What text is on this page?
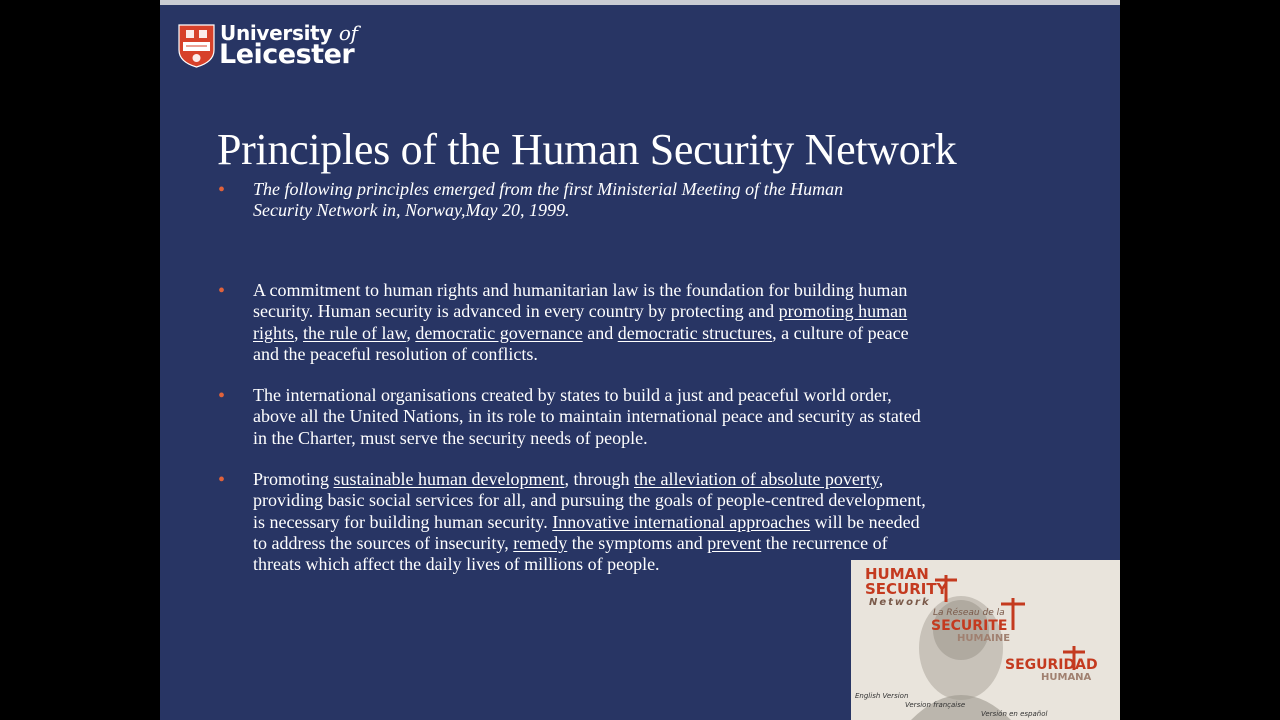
University of
Leicester
Principles of the Human Security Network
• The following principles emerged from the first Ministerial Meeting of the Human
Security Network in, Norway,May 20, 1999.
• A commitment to human rights and humanitarian law is the foundation for building human security. Human security is advanced in every country by protecting and promoting human rights, the rule of law, democratic governance and democratic structures, a culture of peace and the peaceful resolution of conflicts.
• The international organisations created by states to build a just and peaceful world order, above all the United Nations, in its role to maintain international peace and security as stated in the Charter, must serve the security needs of people.
• Promoting sustainable human development, through the alleviation of absolute poverty, providing basic social services for all, and pursuing the goals of people-centred development, is necessary for building human security. Innovative international approaches will be needed to address the sources of insecurity, remedy the symptoms and prevent the recurrence of threats which affect the daily lives of millions of people.	HUMAN
SECURITY
Network
La Réseau de la
SECURITE
HUMAINE
SEGURIDAD
HUMANA
English Version
Version française
Versión en español
